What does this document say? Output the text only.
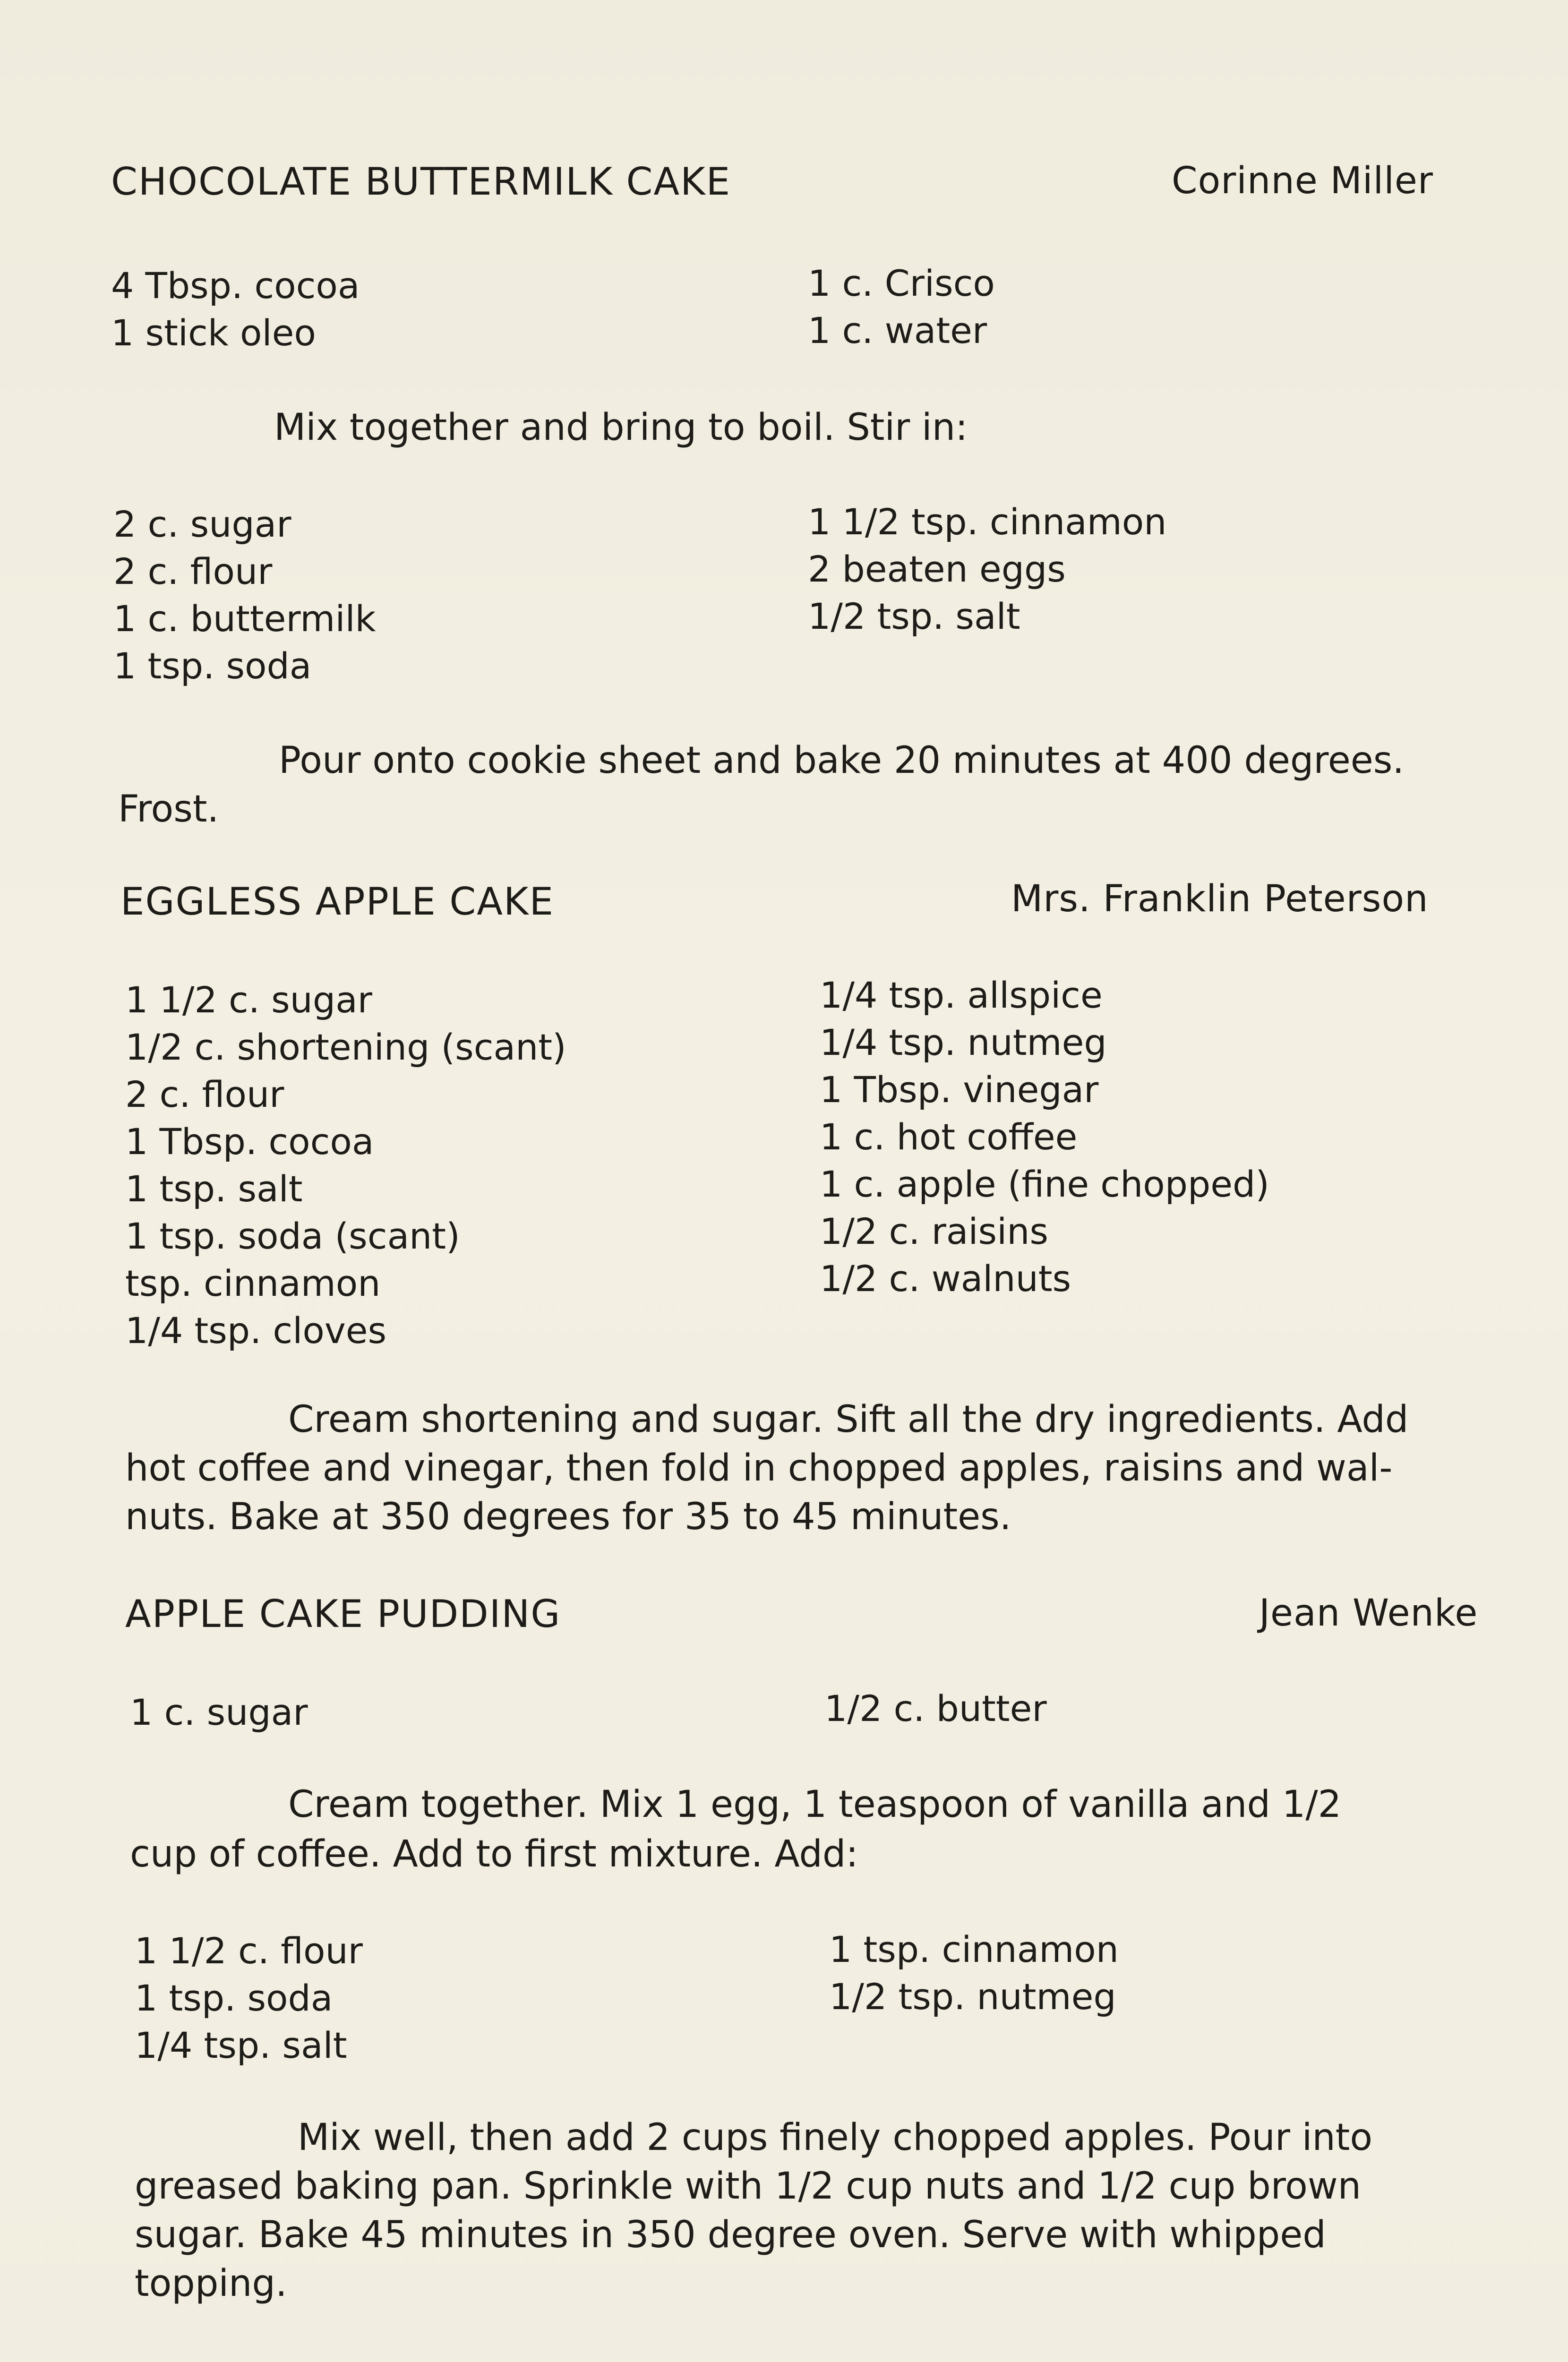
CHOCOLATE BUTTERMILK CAKE	Corinne Miller
4 Tbsp. cocoa
1 stick oleo
1 c. Crisco
1 c. water
Mix together and bring to boil. Stir in:
2 c. sugar
2 c. flour
1 c. buttermilk
1 tsp. soda
1 1/2 tsp. cinnamon
2 beaten eggs
1/2 tsp. salt
Pour onto cookie sheet and bake 20 minutes at 400 degrees.
Frost.
EGGLESS APPLE CAKE	Mrs. Franklin Peterson
1 1/2 c. sugar
1/2 c. shortening (scant)
2 c. flour
1 Tbsp. cocoa
1 tsp. salt
1 tsp. soda (scant)
tsp. cinnamon
1/4 tsp. cloves
1/4 tsp. allspice
1/4 tsp. nutmeg
1 Tbsp. vinegar
1 c. hot coffee
1 c. apple (fine chopped)
1/2 c. raisins
1/2 c. walnuts
Cream shortening and sugar. Sift all the dry ingredients. Add
hot coffee and vinegar, then fold in chopped apples, raisins and wal-
nuts. Bake at 350 degrees for 35 to 45 minutes.
APPLE CAKE PUDDING	Jean Wenke
1 c. sugar	1/2 c. butter
Cream together. Mix 1 egg, 1 teaspoon of vanilla and 1/2
cup of coffee. Add to first mixture. Add:
1 1/2 c. flour
1 tsp. soda
1/4 tsp. salt
1 tsp. cinnamon
1/2 tsp. nutmeg
Mix well, then add 2 cups finely chopped apples. Pour into
greased baking pan. Sprinkle with 1/2 cup nuts and 1/2 cup brown
sugar. Bake 45 minutes in 350 degree oven. Serve with whipped
topping.
